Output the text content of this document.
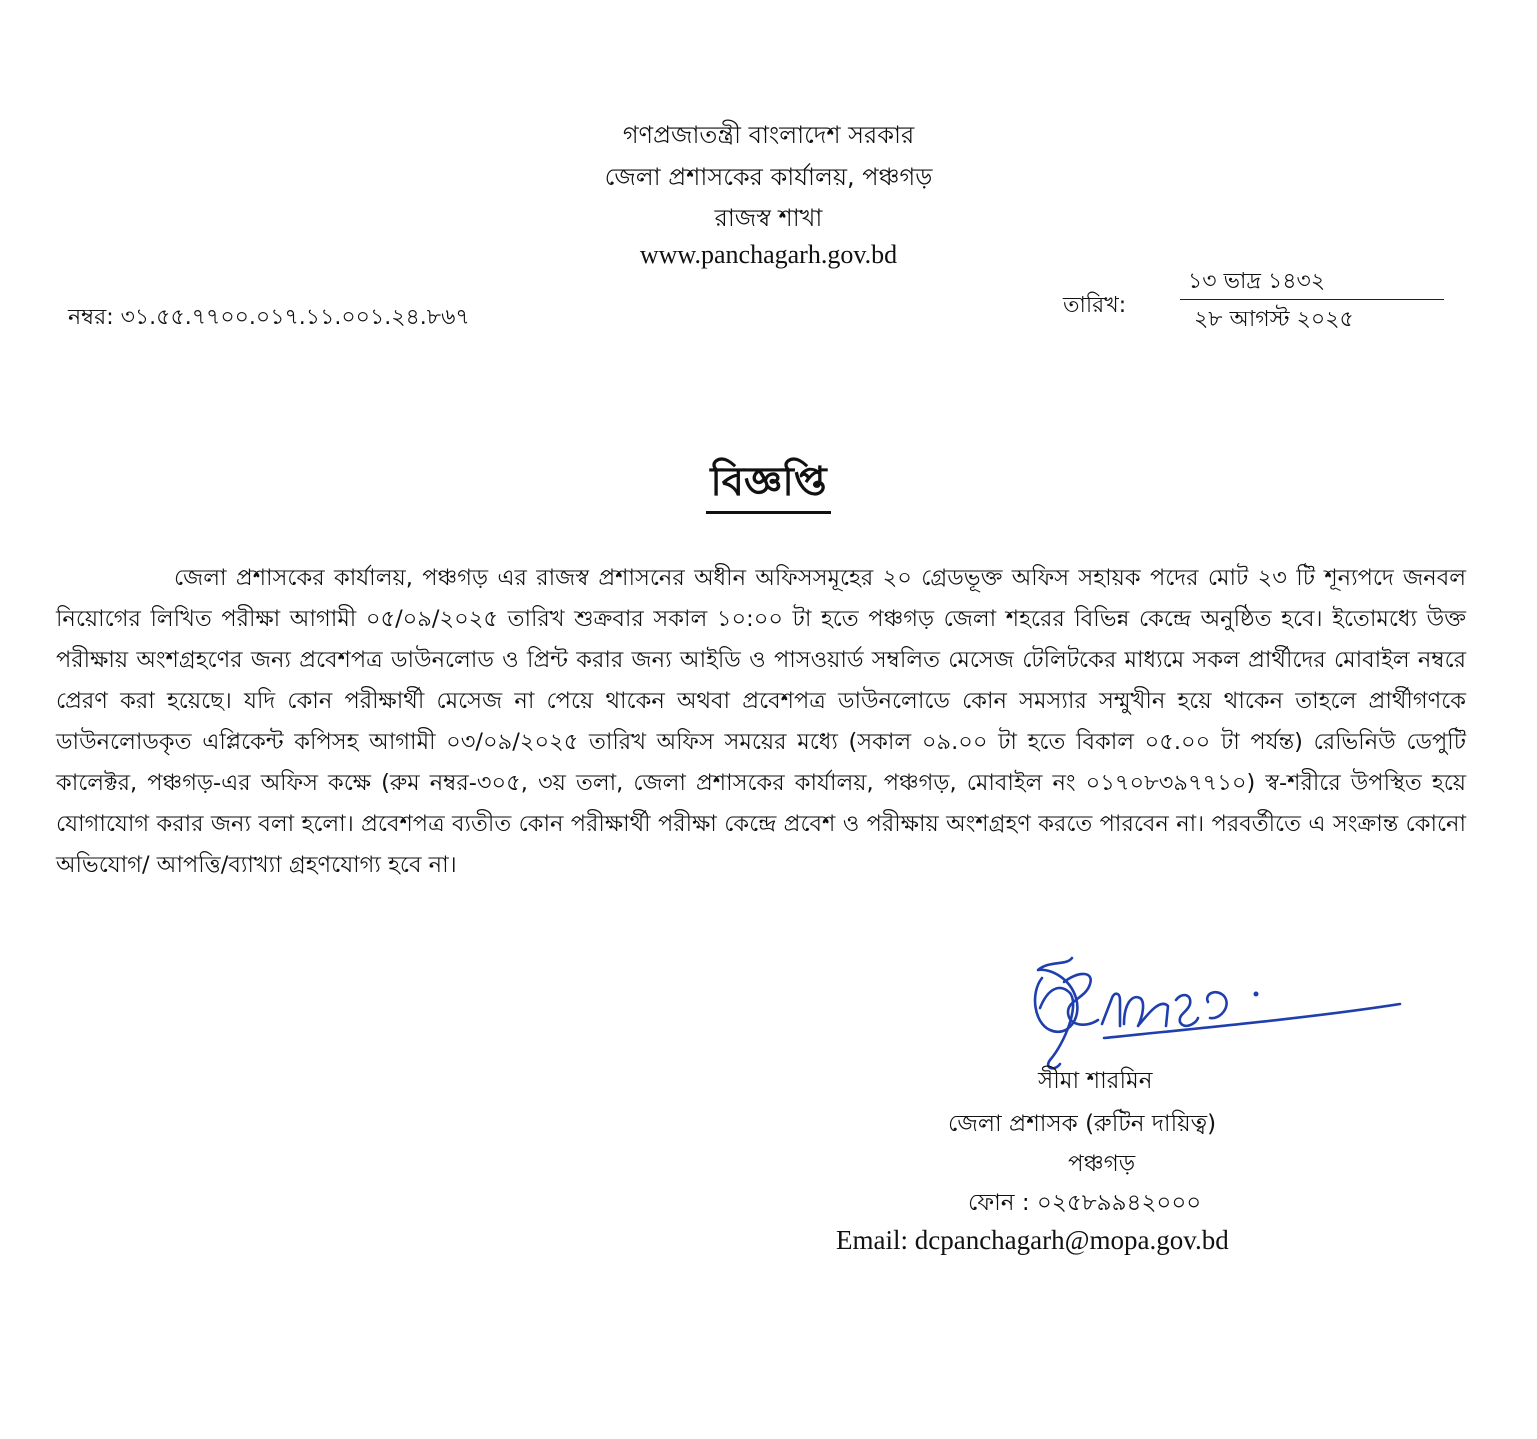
গণপ্রজাতন্ত্রী বাংলাদেশ সরকার
জেলা প্রশাসকের কার্যালয়, পঞ্চগড়
রাজস্ব শাখা
www.panchagarh.gov.bd
নম্বর: ৩১.৫৫.৭৭০০.০১৭.১১.০০১.২৪.৮৬৭	তারিখ:
১৩ ভাদ্র ১৪৩২
২৮ আগস্ট ২০২৫
বিজ্ঞপ্তি

জেলা প্রশাসকের কার্যালয়, পঞ্চগড় এর রাজস্ব প্রশাসনের অধীন অফিসসমূহের ২০ গ্রেডভূক্ত অফিস সহায়ক পদের মোট ২৩ টি শূন্যপদে জনবল নিয়োগের লিখিত পরীক্ষা আগামী ০৫/০৯/২০২৫ তারিখ শুক্রবার সকাল ১০:০০ টা হতে পঞ্চগড় জেলা শহরের বিভিন্ন কেন্দ্রে অনুষ্ঠিত হবে। ইতোমধ্যে উক্ত পরীক্ষায় অংশগ্রহণের জন্য প্রবেশপত্র ডাউনলোড ও প্রিন্ট করার জন্য আইডি ও পাসওয়ার্ড সম্বলিত মেসেজ টেলিটকের মাধ্যমে সকল প্রার্থীদের মোবাইল নম্বরে প্রেরণ করা হয়েছে। যদি কোন পরীক্ষার্থী মেসেজ না পেয়ে থাকেন অথবা প্রবেশপত্র ডাউনলোডে কোন সমস্যার সম্মুখীন হয়ে থাকেন তাহলে প্রার্থীগণকে ডাউনলোডকৃত এপ্লিকেন্ট কপিসহ আগামী ০৩/০৯/২০২৫ তারিখ অফিস সময়ের মধ্যে (সকাল ০৯.০০ টা হতে বিকাল ০৫.০০ টা পর্যন্ত) রেভিনিউ ডেপুটি কালেক্টর, পঞ্চগড়-এর অফিস কক্ষে (রুম নম্বর-৩০৫, ৩য় তলা, জেলা প্রশাসকের কার্যালয়, পঞ্চগড়, মোবাইল নং ০১৭০৮৩৯৭৭১০) স্ব-শরীরে উপস্থিত হয়ে যোগাযোগ করার জন্য বলা হলো। প্রবেশপত্র ব্যতীত কোন পরীক্ষার্থী পরীক্ষা কেন্দ্রে প্রবেশ ও পরীক্ষায় অংশগ্রহণ করতে পারবেন না। পরবর্তীতে এ সংক্রান্ত কোনো অভিযোগ/ আপত্তি/ব্যাখ্যা গ্রহণযোগ্য হবে না।

সীমা শারমিন
জেলা প্রশাসক (রুটিন দায়িত্ব)
পঞ্চগড়
ফোন : ০২৫৮৯৯৪২০০০
Email: dcpanchagarh@mopa.gov.bd
